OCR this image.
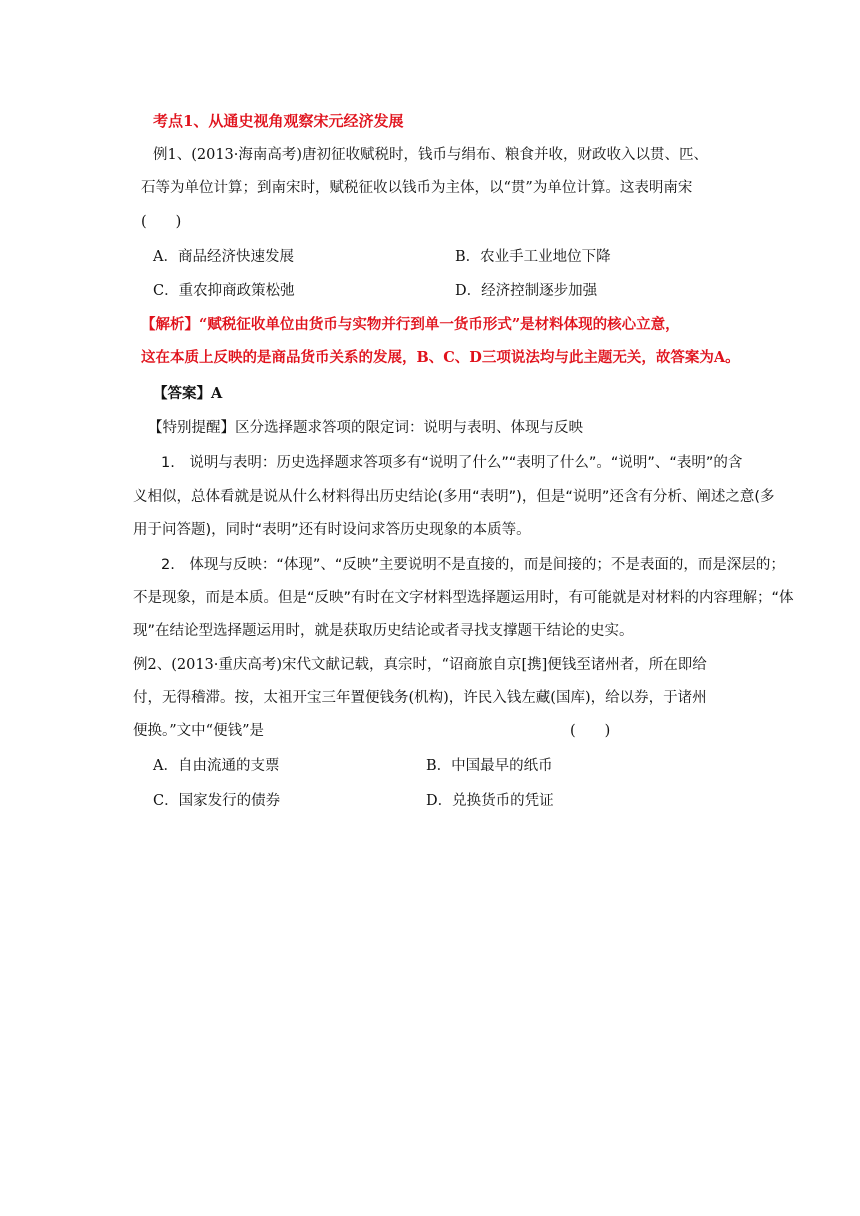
考点1、从通史视角观察宋元经济发展
例1、(2013·海南高考)唐初征收赋税时，钱币与绢布、粮食并收，财政收入以贯、匹、
石等为单位计算；到南宋时，赋税征收以钱币为主体，以“贯”为单位计算。这表明南宋
(　　)
A．商品经济快速发展	B．农业手工业地位下降
C．重农抑商政策松弛	D．经济控制逐步加强
【解析】“赋税征收单位由货币与实物并行到单一货币形式”是材料体现的核心立意，
这在本质上反映的是商品货币关系的发展，B、C、D三项说法均与此主题无关，故答案为A。
【答案】A
【特别提醒】区分选择题求答项的限定词：说明与表明、体现与反映
1.　说明与表明：历史选择题求答项多有“说明了什么”“表明了什么”。“说明”、“表明”的含
义相似，总体看就是说从什么材料得出历史结论(多用“表明”)，但是“说明”还含有分析、阐述之意(多
用于问答题)，同时“表明”还有时设问求答历史现象的本质等。
2.　体现与反映：“体现”、“反映”主要说明不是直接的，而是间接的；不是表面的，而是深层的；
不是现象，而是本质。但是“反映”有时在文字材料型选择题运用时，有可能就是对材料的内容理解；“体
现”在结论型选择题运用时，就是获取历史结论或者寻找支撑题干结论的史实。
例2、(2013·重庆高考)宋代文献记载，真宗时，“诏商旅自京[携]便钱至诸州者，所在即给
付，无得稽滞。按，太祖开宝三年置便钱务(机构)，许民入钱左藏(国库)，给以券，于诸州
便换。”文中“便钱”是	(　　)
A．自由流通的支票	B．中国最早的纸币
C．国家发行的债券	D．兑换货币的凭证
